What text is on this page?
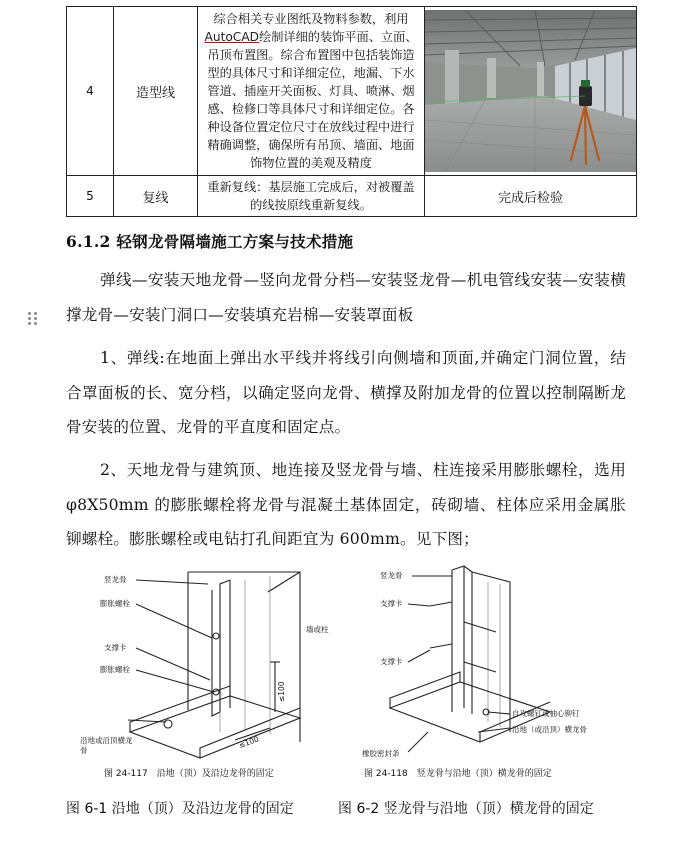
4	造型线	综合相关专业图纸及物料参数，利用AutoCAD绘制详细的装饰平面、立面、吊顶布置图。综合布置图中包括装饰造型的具体尺寸和详细定位，地漏、下水管道、插座开关面板、灯具、喷淋、烟感、检修口等具体尺寸和详细定位。各种设备位置定位尺寸在放线过程中进行精确调整，确保所有吊顶、墙面、地面饰物位置的美观及精度	

5	复线	重新复线：基层施工完成后，对被覆盖的线按原线重新复线。	完成后检验
6.1.2 轻钢龙骨隔墙施工方案与技术措施

弹线—安装天地龙骨—竖向龙骨分档—安装竖龙骨—机电管线安装—安装横撑龙骨—安装门洞口—安装填充岩棉—安装罩面板

1、弹线:在地面上弹出水平线并将线引向侧墙和顶面,并确定门洞位置，结合罩面板的长、宽分档，以确定竖向龙骨、横撑及附加龙骨的位置以控制隔断龙骨安装的位置、龙骨的平直度和固定点。

2、天地龙骨与建筑顶、地连接及竖龙骨与墙、柱连接采用膨胀螺栓，选用φ8X50mm 的膨胀螺栓将龙骨与混凝土基体固定，砖砌墙、柱体应采用金属胀铆螺栓。膨胀螺栓或电钻打孔间距宜为 600mm。见下图；

竖龙骨
膨胀螺栓
支撑卡
膨胀螺栓
墙或柱
≤100
≤100
沿地或沿顶横龙骨
图 24-117　沿地（顶）及沿边龙骨的固定
竖龙骨
支撑卡
支撑卡
自攻螺钉或抽心铆钉
沿地（或沿顶）横龙骨
橡胶密封条
图 24-118　竖龙骨与沿地（顶）横龙骨的固定
图 6-1 沿地（顶）及沿边龙骨的固定	图 6-2 竖龙骨与沿地（顶）横龙骨的固定
